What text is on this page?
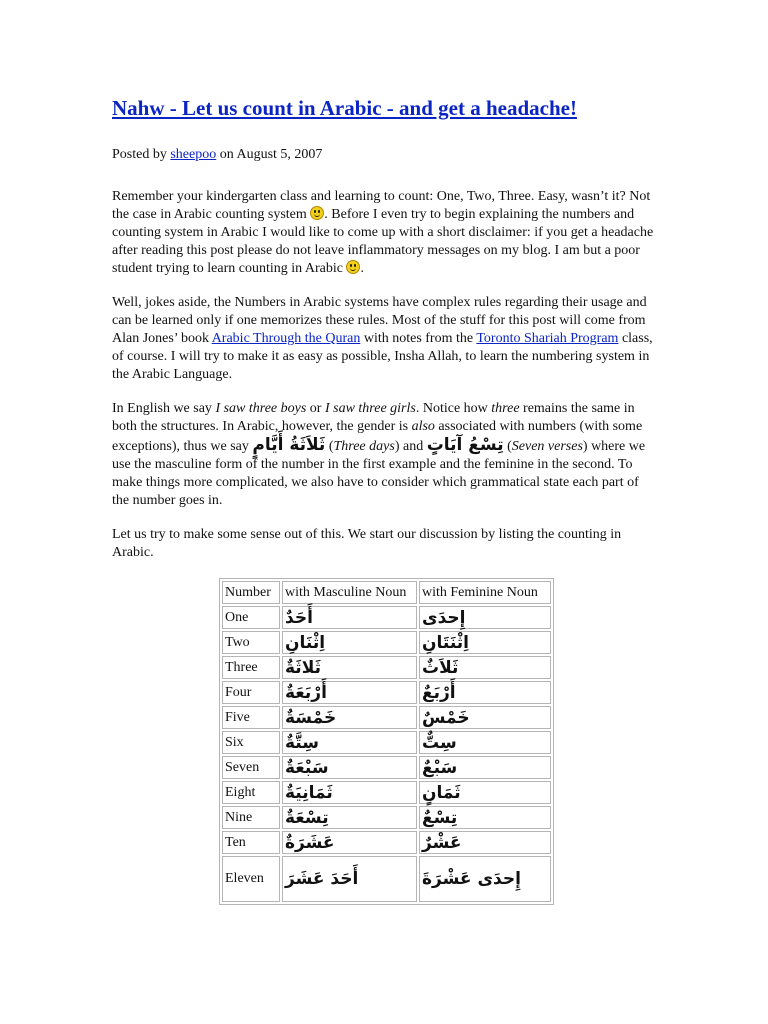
Nahw - Let us count in Arabic - and get a headache!
Posted by sheepoo on August 5, 2007

Remember your kindergarten class and learning to count: One, Two, Three. Easy, wasn’t it? Not the case in Arabic counting system . Before I even try to begin explaining the numbers and counting system in Arabic I would like to come up with a short disclaimer: if you get a headache after reading this post please do not leave inflammatory messages on my blog. I am but a poor student trying to learn counting in Arabic .

Well, jokes aside, the Numbers in Arabic systems have complex rules regarding their usage and can be learned only if one memorizes these rules. Most of the stuff for this post will come from Alan Jones’ book Arabic Through the Quran with notes from the Toronto Shariah Program class, of course. I will try to make it as easy as possible, Insha Allah, to learn the numbering system in the Arabic Language.

In English we say I saw three boys or I saw three girls. Notice how three remains the same in both the structures. In Arabic, however, the gender is also associated with numbers (with some exceptions), thus we say ثَلاَثَةُ أَيَّامٍ (Three days) and تِسْعُ آيَاتٍ (Seven verses) where we use the masculine form of the number in the first example and the feminine in the second. To make things more complicated, we also have to consider which grammatical state each part of the number goes in.

Let us try to make some sense out of this. We start our discussion by listing the counting in Arabic.

Number	with Masculine Noun	with Feminine Noun
One	أَحَدٌ	إِحدَى
Two	اِثْنَانِ	اِثْنَتَانِ
Three	ثَلاثَةٌ	ثَلاَثٌ
Four	أَرْبَعَةٌ	أَرْبَعٌ
Five	خَمْسَةٌ	خَمْسٌ
Six	سِتَّةٌ	سِتٌّ
Seven	سَبْعَةٌ	سَبْعٌ
Eight	ثَمَانِيَةٌ	ثَمَانٍ
Nine	تِسْعَةٌ	تِسْعٌ
Ten	عَشَرَةٌ	عَشْرٌ
Eleven	أَحَدَ عَشَرَ	إِحدَى عَشْرَةَ
